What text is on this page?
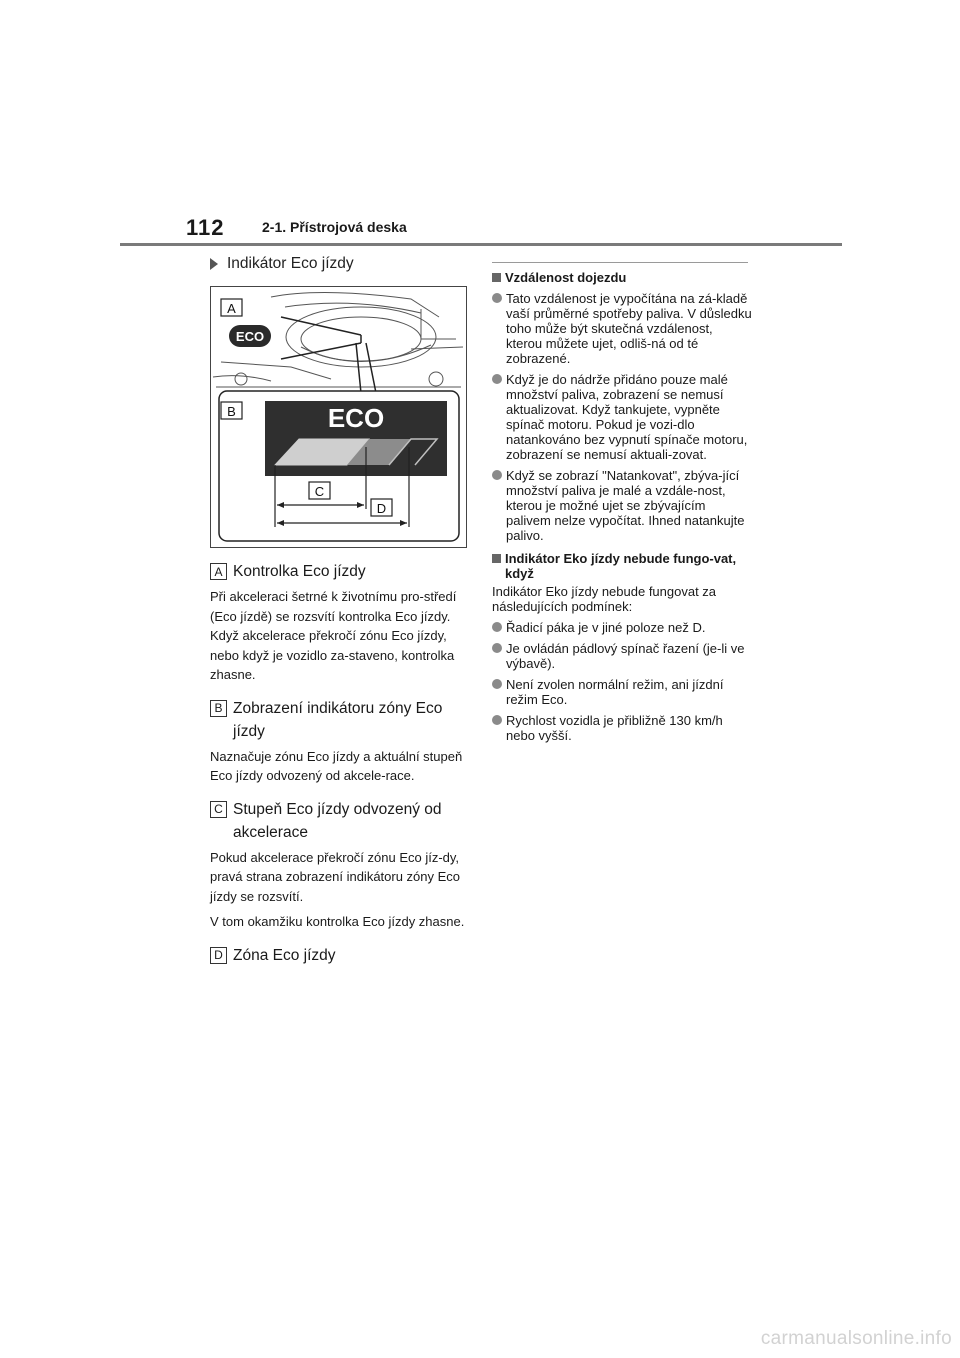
112	2-1. Přístrojová deska
Indikátor Eco jízdy
A
ECO
B	ECO
C
D
A Kontrolka Eco jízdy

Při akceleraci šetrné k životnímu pro-středí (Eco jízdě) se rozsvítí kontrolka Eco jízdy. Když akcelerace překročí zónu Eco jízdy, nebo když je vozidlo za-staveno, kontrolka zhasne.

B Zobrazení indikátoru zóny Eco jízdy

Naznačuje zónu Eco jízdy a aktuální stupeň Eco jízdy odvozený od akcele-race.

C Stupeň Eco jízdy odvozený od akcelerace

Pokud akcelerace překročí zónu Eco jíz-dy, pravá strana zobrazení indikátoru zóny Eco jízdy se rozsvítí.

V tom okamžiku kontrolka Eco jízdy zhasne.

D Zóna Eco jízdy
Vzdálenost dojezdu
Tato vzdálenost je vypočítána na zá-kladě vaší průměrné spotřeby paliva. V důsledku toho může být skutečná vzdálenost, kterou můžete ujet, odliš-ná od té zobrazené.
Když je do nádrže přidáno pouze malé množství paliva, zobrazení se nemusí aktualizovat. Když tankujete, vypněte spínač motoru. Pokud je vozi-dlo natankováno bez vypnutí spínače motoru, zobrazení se nemusí aktuali-zovat.
Když se zobrazí "Natankovat", zbýva-jící množství paliva je malé a vzdále-nost, kterou je možné ujet se zbývajícím palivem nelze vypočítat. Ihned natankujte palivo.
Indikátor Eko jízdy nebude fungo-vat, když
Indikátor Eko jízdy nebude fungovat za následujících podmínek:
Řadicí páka je v jiné poloze než D.
Je ovládán pádlový spínač řazení (je-li ve výbavě).
Není zvolen normální režim, ani jízdní režim Eco.
Rychlost vozidla je přibližně 130 km/h nebo vyšší.
carmanualsonline.info
